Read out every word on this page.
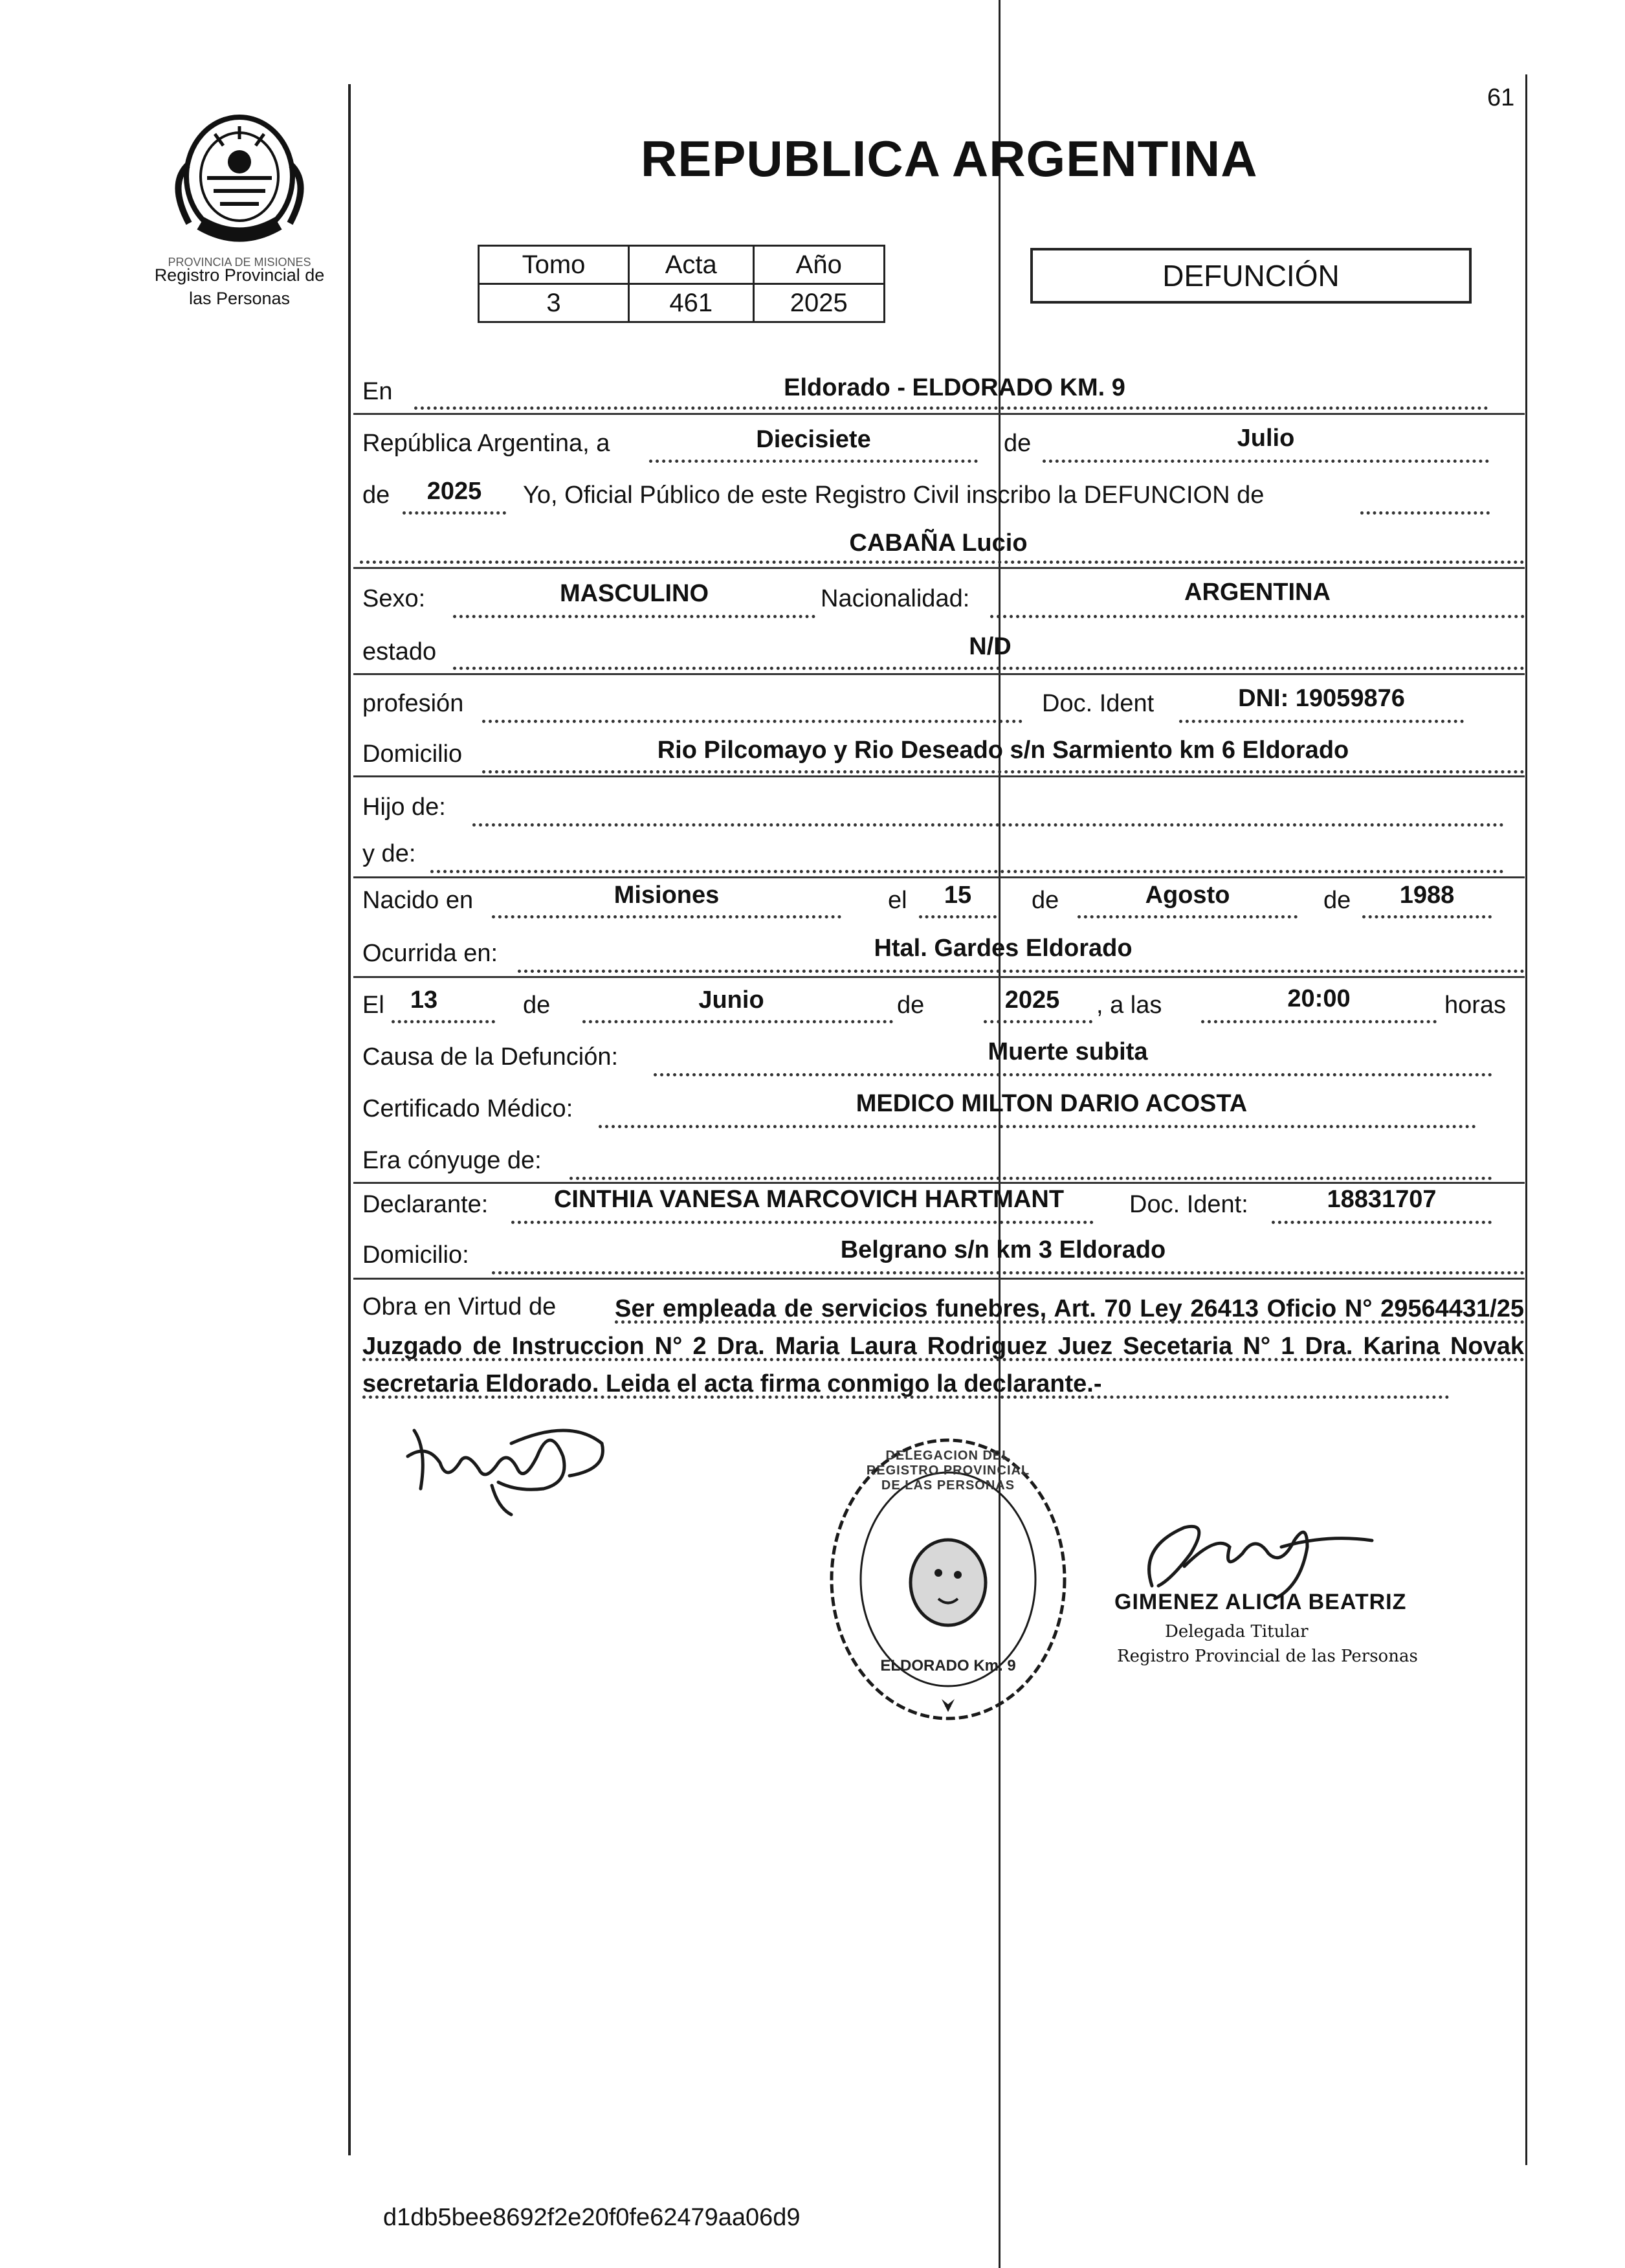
PROVINCIA DE MISIONES
Registro Provincial de
las Personas
61
REPUBLICA ARGENTINA
Tomo	Acta	Año
3	461	2025
DEFUNCIÓN
En	Eldorado - ELDORADO KM. 9
República Argentina, a	Diecisiete	de	Julio
de	2025	Yo, Oficial Público de este Registro Civil inscribo la DEFUNCION de
CABAÑA Lucio
Sexo:	MASCULINO	Nacionalidad:	ARGENTINA
estado	N/D
profesión	Doc. Ident	DNI: 19059876
Domicilio	Rio Pilcomayo y Rio Deseado s/n Sarmiento km 6 Eldorado
Hijo de:
y de:
Nacido en	Misiones	el	15	de	Agosto	de	1988
Ocurrida en:	Htal. Gardes Eldorado
El	13	de	Junio	de	2025	, a las	20:00	horas
Causa de la Defunción:	Muerte subita
Certificado Médico:	MEDICO MILTON DARIO ACOSTA
Era cónyuge de:
Declarante:	CINTHIA VANESA MARCOVICH HARTMANT	Doc. Ident:	18831707
Domicilio:	Belgrano s/n km 3 Eldorado
Obra en Virtud de	Ser empleada de servicios funebres, Art. 70 Ley 26413 Oficio N° 29564431/25 Juzgado de Instruccion N° 2 Dra. Maria Laura Rodriguez Juez Secetaria N° 1 Dra. Karina Novak secretaria Eldorado. Leida el acta firma conmigo la declarante.-
DELEGACION DEL REGISTRO PROVINCIAL DE LAS PERSONAS
ELDORADO Km. 9
GIMENEZ ALICIA BEATRIZ
Delegada Titular
Registro Provincial de las Personas
d1db5bee8692f2e20f0fe62479aa06d9
